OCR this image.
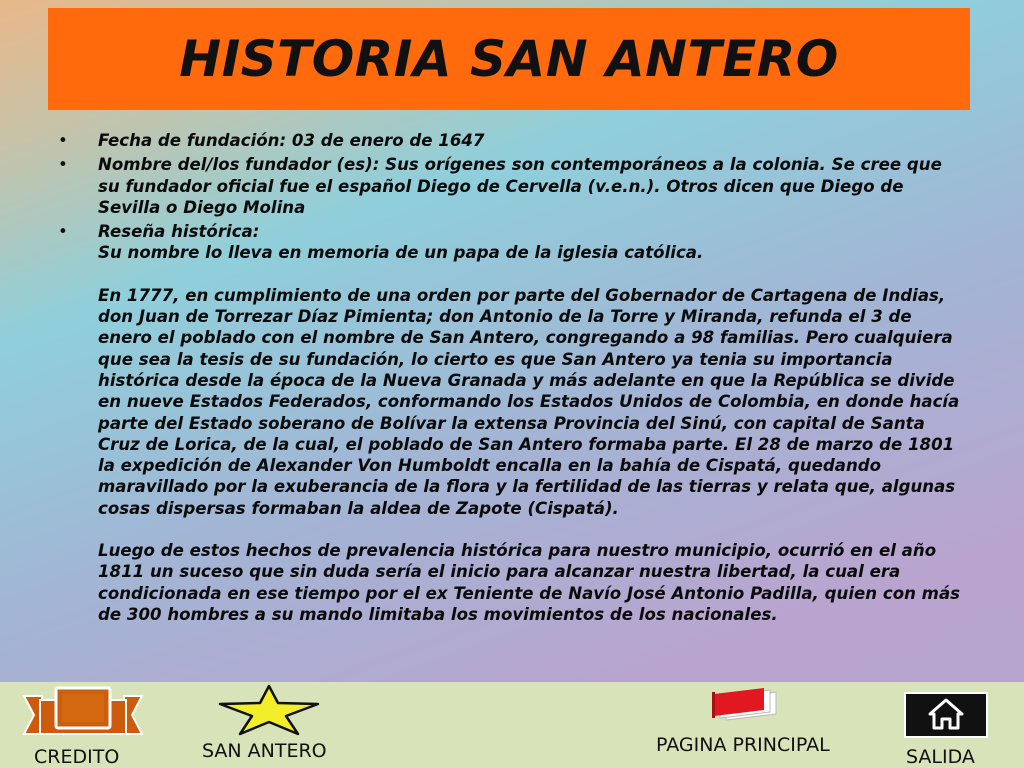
HISTORIA SAN ANTERO
• Fecha de fundación: 03 de enero de 1647

• Nombre del/los fundador (es): Sus orígenes son contemporáneos a la colonia. Se cree que su fundador oficial fue el español Diego de Cervella (v.e.n.). Otros dicen que Diego de Sevilla o Diego Molina

• Reseña histórica:

Su nombre lo lleva en memoria de un papa de la iglesia católica.

En 1777, en cumplimiento de una orden por parte del Gobernador de Cartagena de Indias, don Juan de Torrezar Díaz Pimienta; don Antonio de la Torre y Miranda, refunda el 3 de enero el poblado con el nombre de San Antero, congregando a 98 familias. Pero cualquiera que sea la tesis de su fundación, lo cierto es que San Antero ya tenia su importancia histórica desde la época de la Nueva Granada y más adelante en que la República se divide en nueve Estados Federados, conformando los Estados Unidos de Colombia, en donde hacía parte del Estado soberano de Bolívar la extensa Provincia del Sinú, con capital de Santa Cruz de Lorica, de la cual, el poblado de San Antero formaba parte. El 28 de marzo de 1801 la expedición de Alexander Von Humboldt encalla en la bahía de Cispatá, quedando maravillado por la exuberancia de la flora y la fertilidad de las tierras y relata que, algunas cosas dispersas formaban la aldea de Zapote (Cispatá).

Luego de estos hechos de prevalencia histórica para nuestro municipio, ocurrió en el año 1811 un suceso que sin duda sería el inicio para alcanzar nuestra libertad, la cual era condicionada en ese tiempo por el ex Teniente de Navío José Antonio Padilla, quien con más de 300 hombres a su mando limitaba los movimientos de los nacionales.

CREDITO	SAN ANTERO	PAGINA PRINCIPAL
SALIDA
